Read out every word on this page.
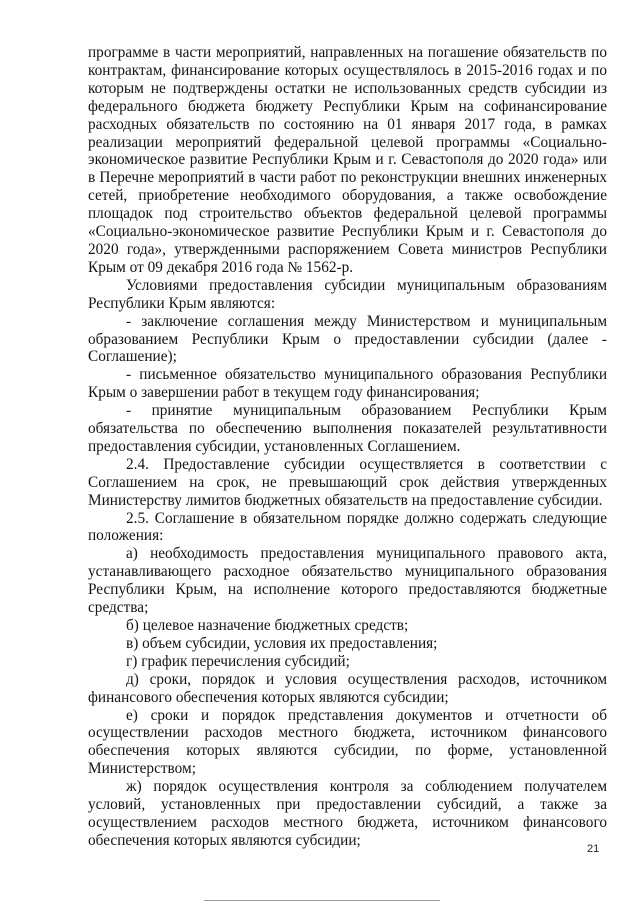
программе в части мероприятий, направленных на погашение обязательств по контрактам, финансирование которых осуществлялось в 2015-2016 годах и по которым не подтверждены остатки не использованных средств субсидии из федерального бюджета бюджету Республики Крым на софинансирование расходных обязательств по состоянию на 01 января 2017 года, в рамках реализации мероприятий федеральной целевой программы «Социально-экономическое развитие Республики Крым и г. Севастополя до 2020 года» или в Перечне мероприятий в части работ по реконструкции внешних инженерных сетей, приобретение необходимого оборудования, а также освобождение площадок под строительство объектов федеральной целевой программы «Социально-экономическое развитие Республики Крым и г. Севастополя до 2020 года», утвержденными распоряжением Совета министров Республики Крым от 09 декабря 2016 года № 1562-р.

Условиями предоставления субсидии муниципальным образованиям Республики Крым являются:

- заключение соглашения между Министерством и муниципальным образованием Республики Крым о предоставлении субсидии (далее - Соглашение);

- письменное обязательство муниципального образования Республики Крым о завершении работ в текущем году финансирования;

- принятие муниципальным образованием Республики Крым обязательства по обеспечению выполнения показателей результативности предоставления субсидии, установленных Соглашением.

2.4. Предоставление субсидии осуществляется в соответствии с Соглашением на срок, не превышающий срок действия утвержденных Министерству лимитов бюджетных обязательств на предоставление субсидии.

2.5. Соглашение в обязательном порядке должно содержать следующие положения:

а) необходимость предоставления муниципального правового акта, устанавливающего расходное обязательство муниципального образования Республики Крым, на исполнение которого предоставляются бюджетные средства;

б) целевое назначение бюджетных средств;

в) объем субсидии, условия их предоставления;

г) график перечисления субсидий;

д) сроки, порядок и условия осуществления расходов, источником финансового обеспечения которых являются субсидии;

е) сроки и порядок представления документов и отчетности об осуществлении расходов местного бюджета, источником финансового обеспечения которых являются субсидии, по форме, установленной Министерством;

ж) порядок осуществления контроля за соблюдением получателем условий, установленных при предоставлении субсидий, а также за осуществлением расходов местного бюджета, источником финансового обеспечения которых являются субсидии;

21
